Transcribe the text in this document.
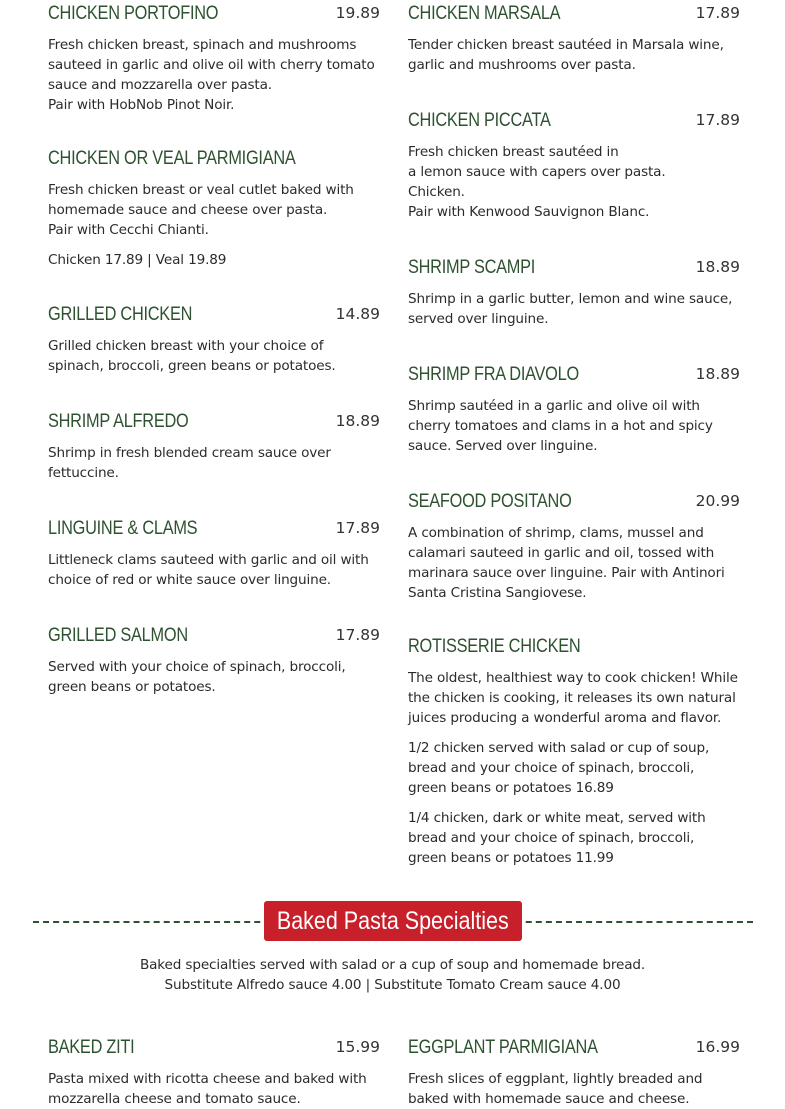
CHICKEN PORTOFINO	19.89
Fresh chicken breast, spinach and mushrooms
sauteed in garlic and olive oil with cherry tomato
sauce and mozzarella over pasta.
Pair with HobNob Pinot Noir.
CHICKEN OR VEAL PARMIGIANA
Fresh chicken breast or veal cutlet baked with
homemade sauce and cheese over pasta.
Pair with Cecchi Chianti.
Chicken 17.89 | Veal 19.89
GRILLED CHICKEN	14.89
Grilled chicken breast with your choice of
spinach, broccoli, green beans or potatoes.
SHRIMP ALFREDO	18.89
Shrimp in fresh blended cream sauce over
fettuccine.
LINGUINE & CLAMS	17.89
Littleneck clams sauteed with garlic and oil with
choice of red or white sauce over linguine.
GRILLED SALMON	17.89
Served with your choice of spinach, broccoli,
green beans or potatoes.
CHICKEN MARSALA	17.89
Tender chicken breast sautéed in Marsala wine,
garlic and mushrooms over pasta.
CHICKEN PICCATA	17.89
Fresh chicken breast sautéed in
a lemon sauce with capers over pasta.
Chicken.
Pair with Kenwood Sauvignon Blanc.
SHRIMP SCAMPI	18.89
Shrimp in a garlic butter, lemon and wine sauce,
served over linguine.
SHRIMP FRA DIAVOLO	18.89
Shrimp sautéed in a garlic and olive oil with
cherry tomatoes and clams in a hot and spicy
sauce. Served over linguine.
SEAFOOD POSITANO	20.99
A combination of shrimp, clams, mussel and
calamari sauteed in garlic and oil, tossed with
marinara sauce over linguine. Pair with Antinori
Santa Cristina Sangiovese.
ROTISSERIE CHICKEN
The oldest, healthiest way to cook chicken! While
the chicken is cooking, it releases its own natural
juices producing a wonderful aroma and flavor.
1/2 chicken served with salad or cup of soup,
bread and your choice of spinach, broccoli,
green beans or potatoes 16.89
1/4 chicken, dark or white meat, served with
bread and your choice of spinach, broccoli,
green beans or potatoes 11.99
Baked Pasta Specialties
Baked specialties served with salad or a cup of soup and homemade bread.
Substitute Alfredo sauce 4.00 | Substitute Tomato Cream sauce 4.00
BAKED ZITI	15.99
Pasta mixed with ricotta cheese and baked with
mozzarella cheese and tomato sauce.
EGGPLANT PARMIGIANA	16.99
Fresh slices of eggplant, lightly breaded and
baked with homemade sauce and cheese.
